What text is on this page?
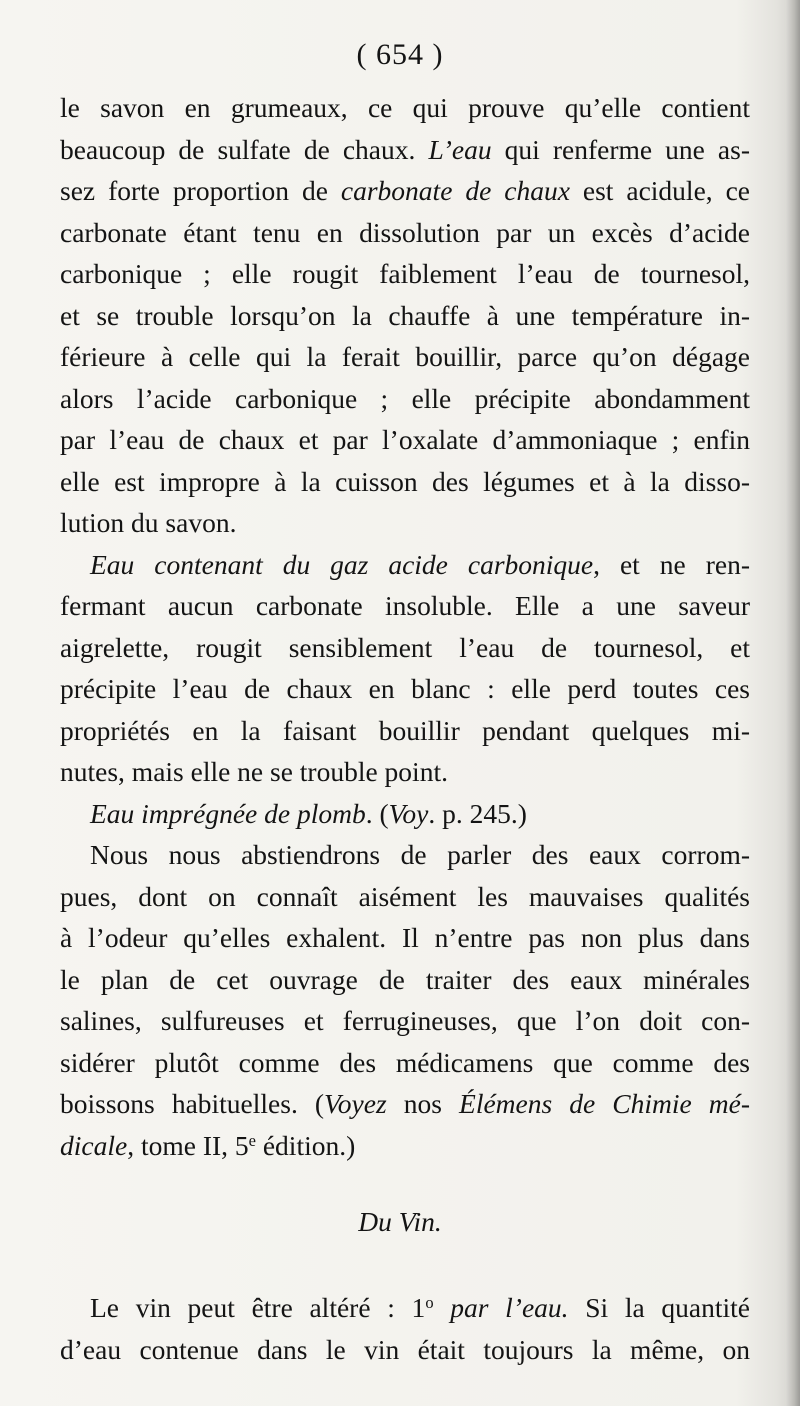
( 654 )
le savon en grumeaux, ce qui prouve qu’elle contient
beaucoup de sulfate de chaux. L’eau qui renferme une as-
sez forte proportion de carbonate de chaux est acidule, ce
carbonate étant tenu en dissolution par un excès d’acide
carbonique ; elle rougit faiblement l’eau de tournesol,
et se trouble lorsqu’on la chauffe à une température in-
férieure à celle qui la ferait bouillir, parce qu’on dégage
alors l’acide carbonique ; elle précipite abondamment
par l’eau de chaux et par l’oxalate d’ammoniaque ; enfin
elle est impropre à la cuisson des légumes et à la disso-
lution du savon.
Eau contenant du gaz acide carbonique, et ne ren-
fermant aucun carbonate insoluble. Elle a une saveur
aigrelette, rougit sensiblement l’eau de tournesol, et
précipite l’eau de chaux en blanc : elle perd toutes ces
propriétés en la faisant bouillir pendant quelques mi-
nutes, mais elle ne se trouble point.
Eau imprégnée de plomb. (Voy. p. 245.)
Nous nous abstiendrons de parler des eaux corrom-
pues, dont on connaît aisément les mauvaises qualités
à l’odeur qu’elles exhalent. Il n’entre pas non plus dans
le plan de cet ouvrage de traiter des eaux minérales
salines, sulfureuses et ferrugineuses, que l’on doit con-
sidérer plutôt comme des médicamens que comme des
boissons habituelles. (Voyez nos Élémens de Chimie mé-
dicale, tome II, 5e édition.)
Du Vin.
Le vin peut être altéré : 1$^o$ par l’eau. Si la quantité
d’eau contenue dans le vin était toujours la même, on
